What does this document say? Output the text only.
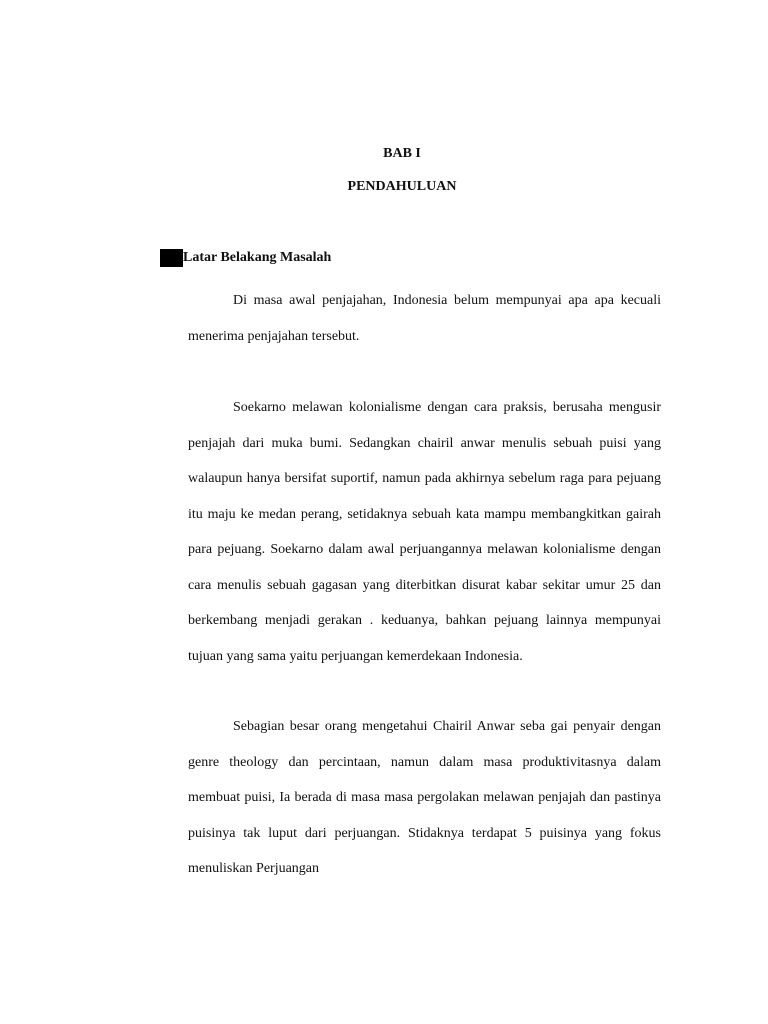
BAB I
PENDAHULUAN
Latar Belakang Masalah

Di masa awal penjajahan, Indonesia belum mempunyai apa apa kecuali menerima penjajahan tersebut.

Soekarno melawan kolonialisme dengan cara praksis, berusaha mengusir penjajah dari muka bumi. Sedangkan chairil anwar menulis sebuah puisi yang walaupun hanya bersifat suportif, namun pada akhirnya sebelum raga para pejuang itu maju ke medan perang, setidaknya sebuah kata mampu membangkitkan gairah para pejuang. Soekarno dalam awal perjuangannya melawan kolonialisme dengan cara menulis sebuah gagasan yang diterbitkan disurat kabar sekitar umur 25 dan berkembang menjadi gerakan . keduanya, bahkan pejuang lainnya mempunyai tujuan yang sama yaitu perjuangan kemerdekaan Indonesia.

Sebagian besar orang mengetahui Chairil Anwar seba gai penyair dengan genre theology dan percintaan, namun dalam masa produktivitasnya dalam membuat puisi, Ia berada di masa masa pergolakan melawan penjajah dan pastinya puisinya tak luput dari perjuangan. Stidaknya terdapat 5 puisinya yang fokus menuliskan Perjuangan
